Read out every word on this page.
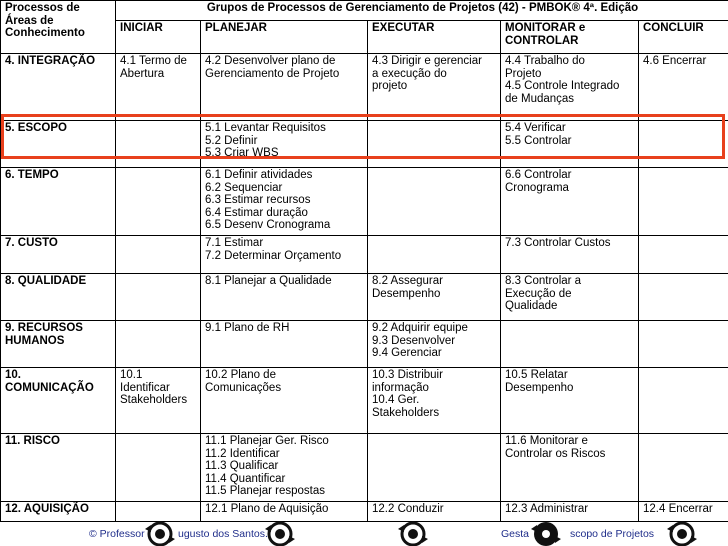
Processos de
Áreas de
Conhecimento	Grupos de Processos de Gerenciamento de Projetos (42) - PMBOK® 4ª. Edição				

	INICIAR	PLANEJAR	EXECUTAR	MONITORAR e
CONTROLAR	CONCLUIR

4. INTEGRAÇÃO	4.1 Termo de
Abertura	4.2 Desenvolver plano de
Gerenciamento de Projeto	4.3 Dirigir e gerenciar
a execução do
projeto	4.4 Trabalho do
Projeto
4.5 Controle Integrado
de Mudanças	4.6 Encerrar

5. ESCOPO		5.1 Levantar Requisitos
5.2 Definir
5.3 Criar WBS		5.4 Verificar
5.5 Controlar	

6. TEMPO		6.1 Definir atividades
6.2 Sequenciar
6.3 Estimar recursos
6.4 Estimar duração
6.5 Desenv Cronograma		6.6 Controlar
Cronograma	

7. CUSTO		7.1 Estimar
7.2 Determinar Orçamento		7.3 Controlar Custos	

8. QUALIDADE		8.1 Planejar a Qualidade	8.2 Assegurar
Desempenho	8.3 Controlar a
Execução de
Qualidade	

9. RECURSOS
HUMANOS		9.1 Plano de RH	9.2 Adquirir equipe
9.3 Desenvolver
9.4 Gerenciar		

10.
COMUNICAÇÃO	10.1
Identificar
Stakeholders	10.2 Plano de
Comunicações	10.3 Distribuir
informação
10.4 Ger.
Stakeholders	10.5 Relatar
Desempenho	

11. RISCO		11.1 Planejar Ger. Risco
11.2 Identificar
11.3 Qualificar
11.4 Quantificar
11.5 Planejar respostas		11.6 Monitorar e
Controlar os Riscos	

12. AQUISIÇÃO		12.1 Plano de Aquisição	12.2 Conduzir	12.3 Administrar	12.4 Encerrar
© Professor	ugusto dos Santos.	Gesta	scopo de Projetos
